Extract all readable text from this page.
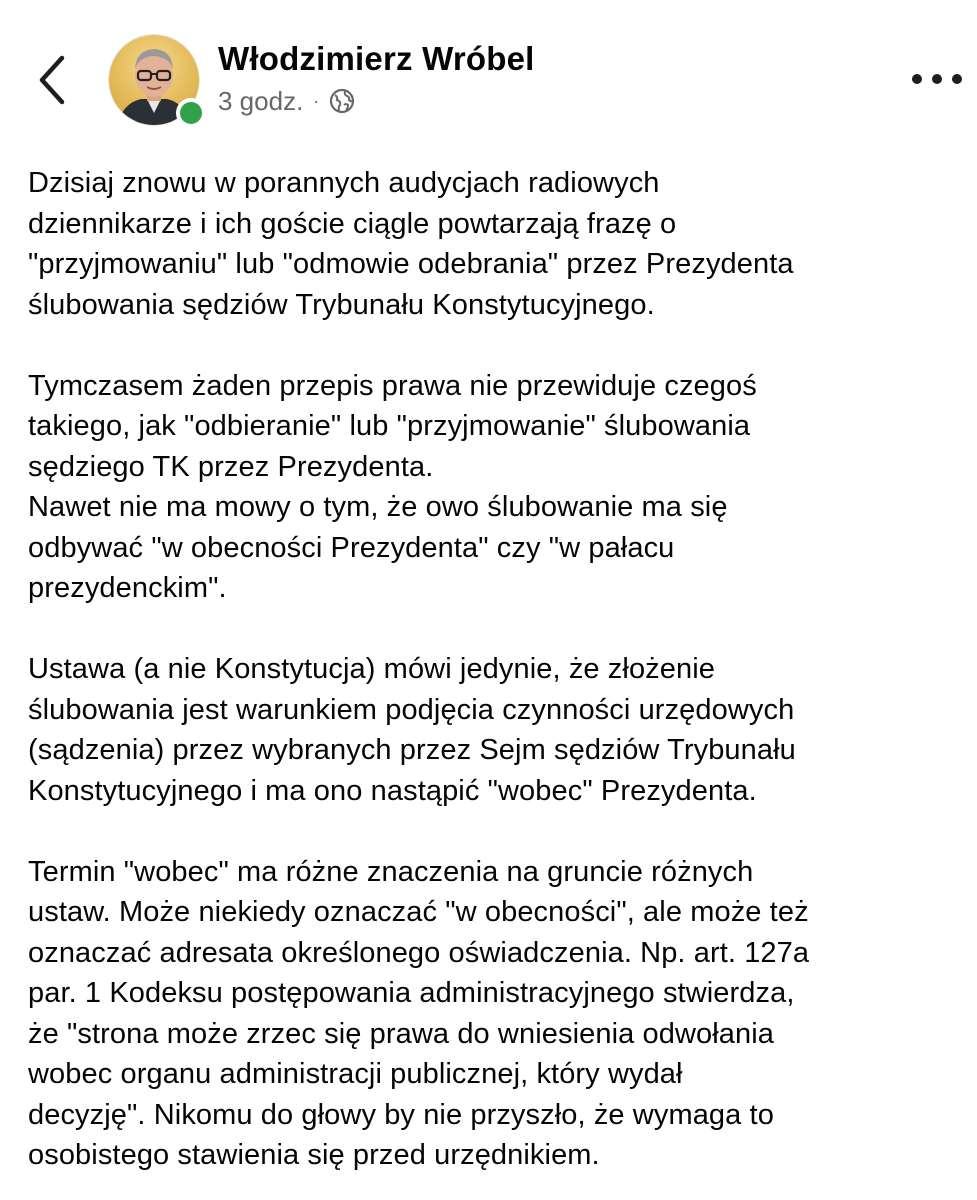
Włodzimierz Wróbel
3 godz. ·

Dzisiaj znowu w porannych audycjach radiowych
dziennikarze i ich goście ciągle powtarzają frazę o
"przyjmowaniu" lub "odmowie odebrania" przez Prezydenta
ślubowania sędziów Trybunału Konstytucyjnego.

Tymczasem żaden przepis prawa nie przewiduje czegoś
takiego, jak "odbieranie" lub "przyjmowanie" ślubowania
sędziego TK przez Prezydenta.
Nawet nie ma mowy o tym, że owo ślubowanie ma się
odbywać "w obecności Prezydenta" czy "w pałacu
prezydenckim".

Ustawa (a nie Konstytucja) mówi jedynie, że złożenie
ślubowania jest warunkiem podjęcia czynności urzędowych
(sądzenia) przez wybranych przez Sejm sędziów Trybunału
Konstytucyjnego i ma ono nastąpić "wobec" Prezydenta.

Termin "wobec" ma różne znaczenia na gruncie różnych
ustaw. Może niekiedy oznaczać "w obecności", ale może też
oznaczać adresata określonego oświadczenia. Np. art. 127a
par. 1 Kodeksu postępowania administracyjnego stwierdza,
że "strona może zrzec się prawa do wniesienia odwołania
wobec organu administracji publicznej, który wydał
decyzję". Nikomu do głowy by nie przyszło, że wymaga to
osobistego stawienia się przed urzędnikiem.
